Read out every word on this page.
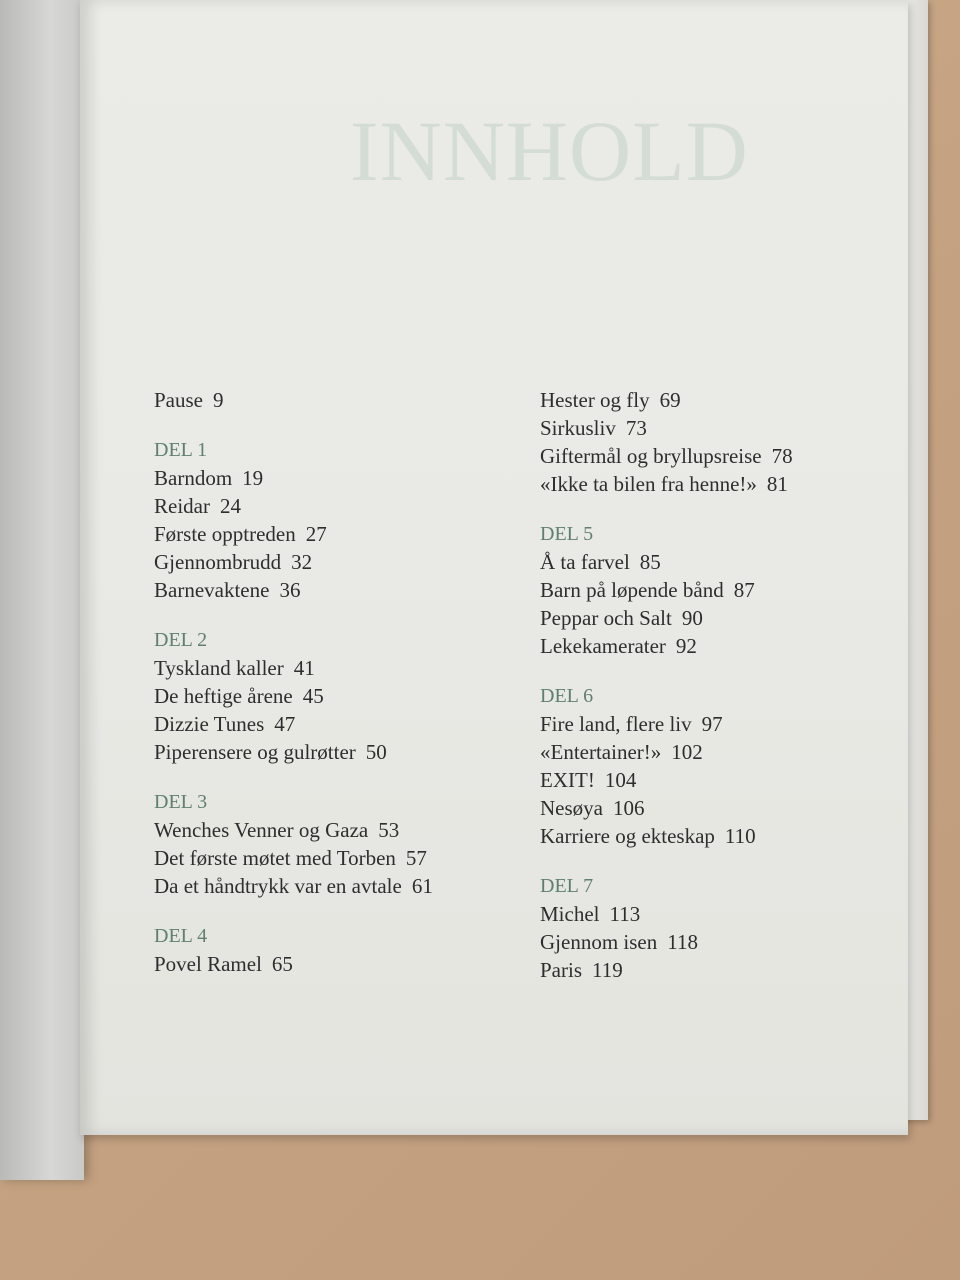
INNHOLD
Pause 9
DEL 1
Barndom 19
Reidar 24
Første opptreden 27
Gjennombrudd 32
Barnevaktene 36
DEL 2
Tyskland kaller 41
De heftige årene 45
Dizzie Tunes 47
Piperensere og gulrøtter 50
DEL 3
Wenches Venner og Gaza 53
Det første møtet med Torben 57
Da et håndtrykk var en avtale 61
DEL 4
Povel Ramel 65
Hester og fly 69
Sirkusliv 73
Giftermål og bryllupsreise 78
«Ikke ta bilen fra henne!» 81
DEL 5
Å ta farvel 85
Barn på løpende bånd 87
Peppar och Salt 90
Lekekamerater 92
DEL 6
Fire land, flere liv 97
«Entertainer!» 102
EXIT! 104
Nesøya 106
Karriere og ekteskap 110
DEL 7
Michel 113
Gjennom isen 118
Paris 119
